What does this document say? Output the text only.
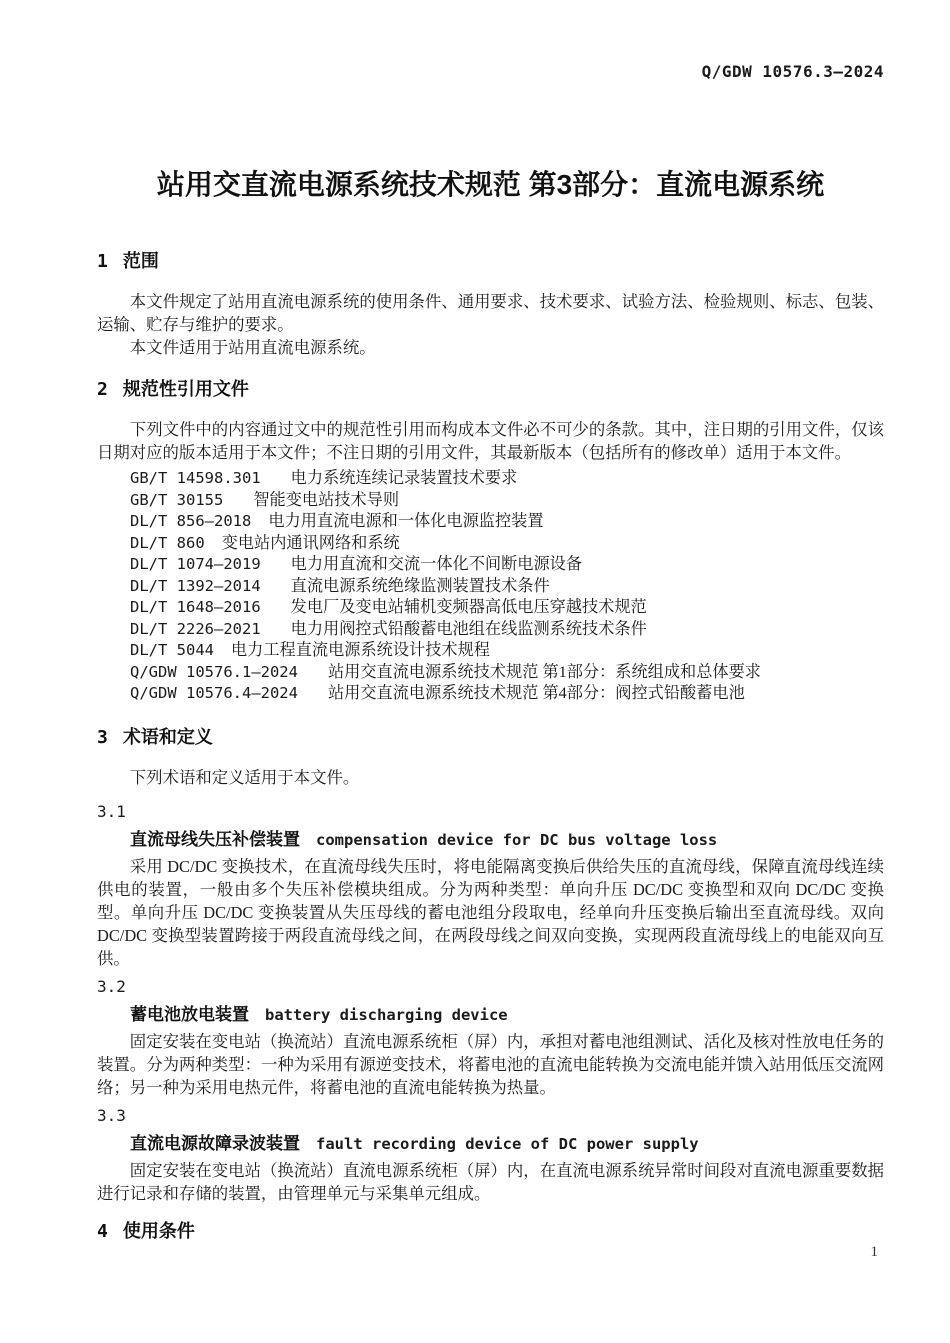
Q/GDW 10576.3—2024
站用交直流电源系统技术规范 第3部分：直流电源系统
1 范围

本文件规定了站用直流电源系统的使用条件、通用要求、技术要求、试验方法、检验规则、标志、包装、运输、贮存与维护的要求。

本文件适用于站用直流电源系统。

2 规范性引用文件

下列文件中的内容通过文中的规范性引用而构成本文件必不可少的条款。其中，注日期的引用文件，仅该日期对应的版本适用于本文件；不注日期的引用文件，其最新版本（包括所有的修改单）适用于本文件。

GB/T 14598.301 电力系统连续记录装置技术要求
GB/T 30155 智能变电站技术导则
DL/T 856—2018 电力用直流电源和一体化电源监控装置
DL/T 860 变电站内通讯网络和系统
DL/T 1074—2019 电力用直流和交流一体化不间断电源设备
DL/T 1392—2014 直流电源系统绝缘监测装置技术条件
DL/T 1648—2016 发电厂及变电站辅机变频器高低电压穿越技术规范
DL/T 2226—2021 电力用阀控式铅酸蓄电池组在线监测系统技术条件
DL/T 5044 电力工程直流电源系统设计技术规程
Q/GDW 10576.1—2024 站用交直流电源系统技术规范 第1部分：系统组成和总体要求
Q/GDW 10576.4—2024 站用交直流电源系统技术规范 第4部分：阀控式铅酸蓄电池
3 术语和定义

下列术语和定义适用于本文件。

3.1

直流母线失压补偿装置 compensation device for DC bus voltage loss

采用 DC/DC 变换技术，在直流母线失压时，将电能隔离变换后供给失压的直流母线，保障直流母线连续供电的装置，一般由多个失压补偿模块组成。分为两种类型：单向升压 DC/DC 变换型和双向 DC/DC 变换型。单向升压 DC/DC 变换装置从失压母线的蓄电池组分段取电，经单向升压变换后输出至直流母线。双向 DC/DC 变换型装置跨接于两段直流母线之间，在两段母线之间双向变换，实现两段直流母线上的电能双向互供。

3.2

蓄电池放电装置 battery discharging device

固定安装在变电站（换流站）直流电源系统柜（屏）内，承担对蓄电池组测试、活化及核对性放电任务的装置。分为两种类型：一种为采用有源逆变技术，将蓄电池的直流电能转换为交流电能并馈入站用低压交流网络；另一种为采用电热元件，将蓄电池的直流电能转换为热量。

3.3

直流电源故障录波装置 fault recording device of DC power supply

固定安装在变电站（换流站）直流电源系统柜（屏）内，在直流电源系统异常时间段对直流电源重要数据进行记录和存储的装置，由管理单元与采集单元组成。

4 使用条件
1
